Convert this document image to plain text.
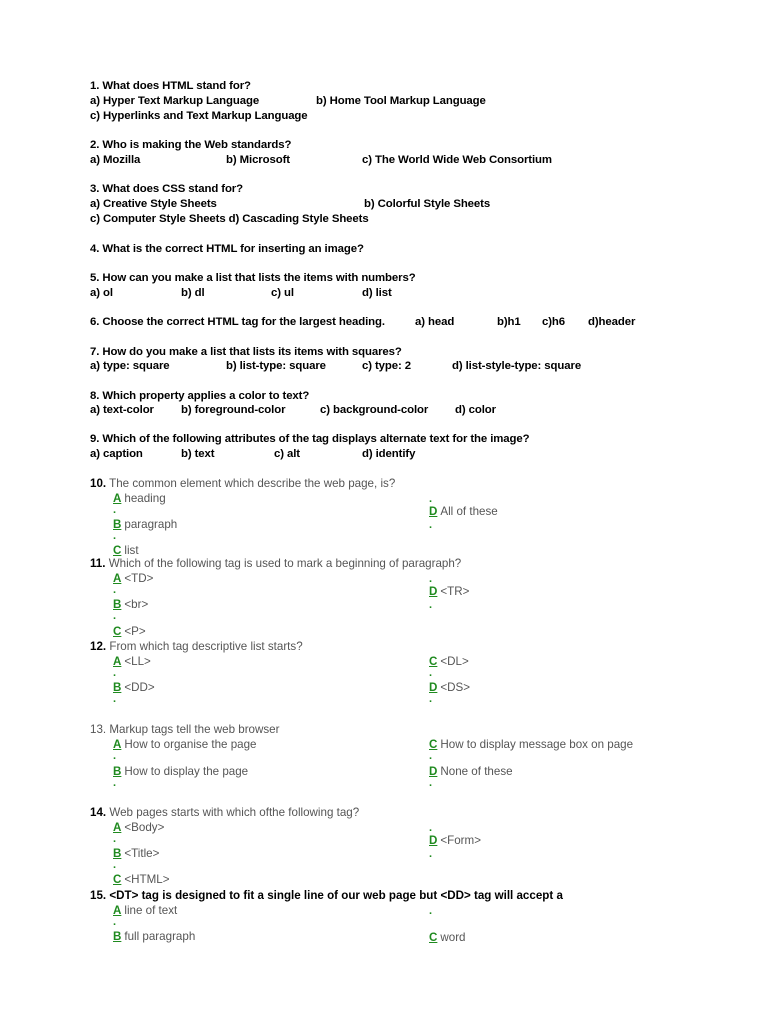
1. What does HTML stand for?
a) Hyper Text Markup Language	b) Home Tool Markup Language
c) Hyperlinks and Text Markup Language
2. Who is making the Web standards?
a) Mozilla	b) Microsoft	c) The World Wide Web Consortium
3. What does CSS stand for?
a) Creative Style Sheets	b) Colorful Style Sheets
c) Computer Style Sheets d) Cascading Style Sheets
4. What is the correct HTML for inserting an image?
5. How can you make a list that lists the items with numbers?
a) ol	b) dl	c) ul	d) list
6. Choose the correct HTML tag for the largest heading.	a) head	b)h1 c)h6 d)header
7. How do you make a list that lists its items with squares?
a) type: square	b) list-type: square	c) type: 2	d) list-style-type: square
8. Which property applies a color to text?
a) text-color b) foreground-color	c) background-color d) color
9. Which of the following attributes of the tag displays alternate text for the image?
a) caption	b) text	c) alt	d) identify
10. The common element which describe the web page, is?
A heading
.
B paragraph
.
C list
.
D All of these
.
11. Which of the following tag is used to mark a beginning of paragraph?
A <TD>
.
B <br>
.
C <P>
.
D <TR>
.
12. From which tag descriptive list starts?
A <LL>
.
B <DD>
.
C <DL>
.
D <DS>
.
13. Markup tags tell the web browser
A How to organise the page
.
B How to display the page
.
C How to display message box on page
.
D None of these
.
14. Web pages starts with which ofthe following tag?
A <Body>
.
B <Title>
.
C <HTML>
.
D <Form>
.
15. <DT> tag is designed to fit a single line of our web page but <DD> tag will accept a
A line of text
.
B full paragraph
.
C word
